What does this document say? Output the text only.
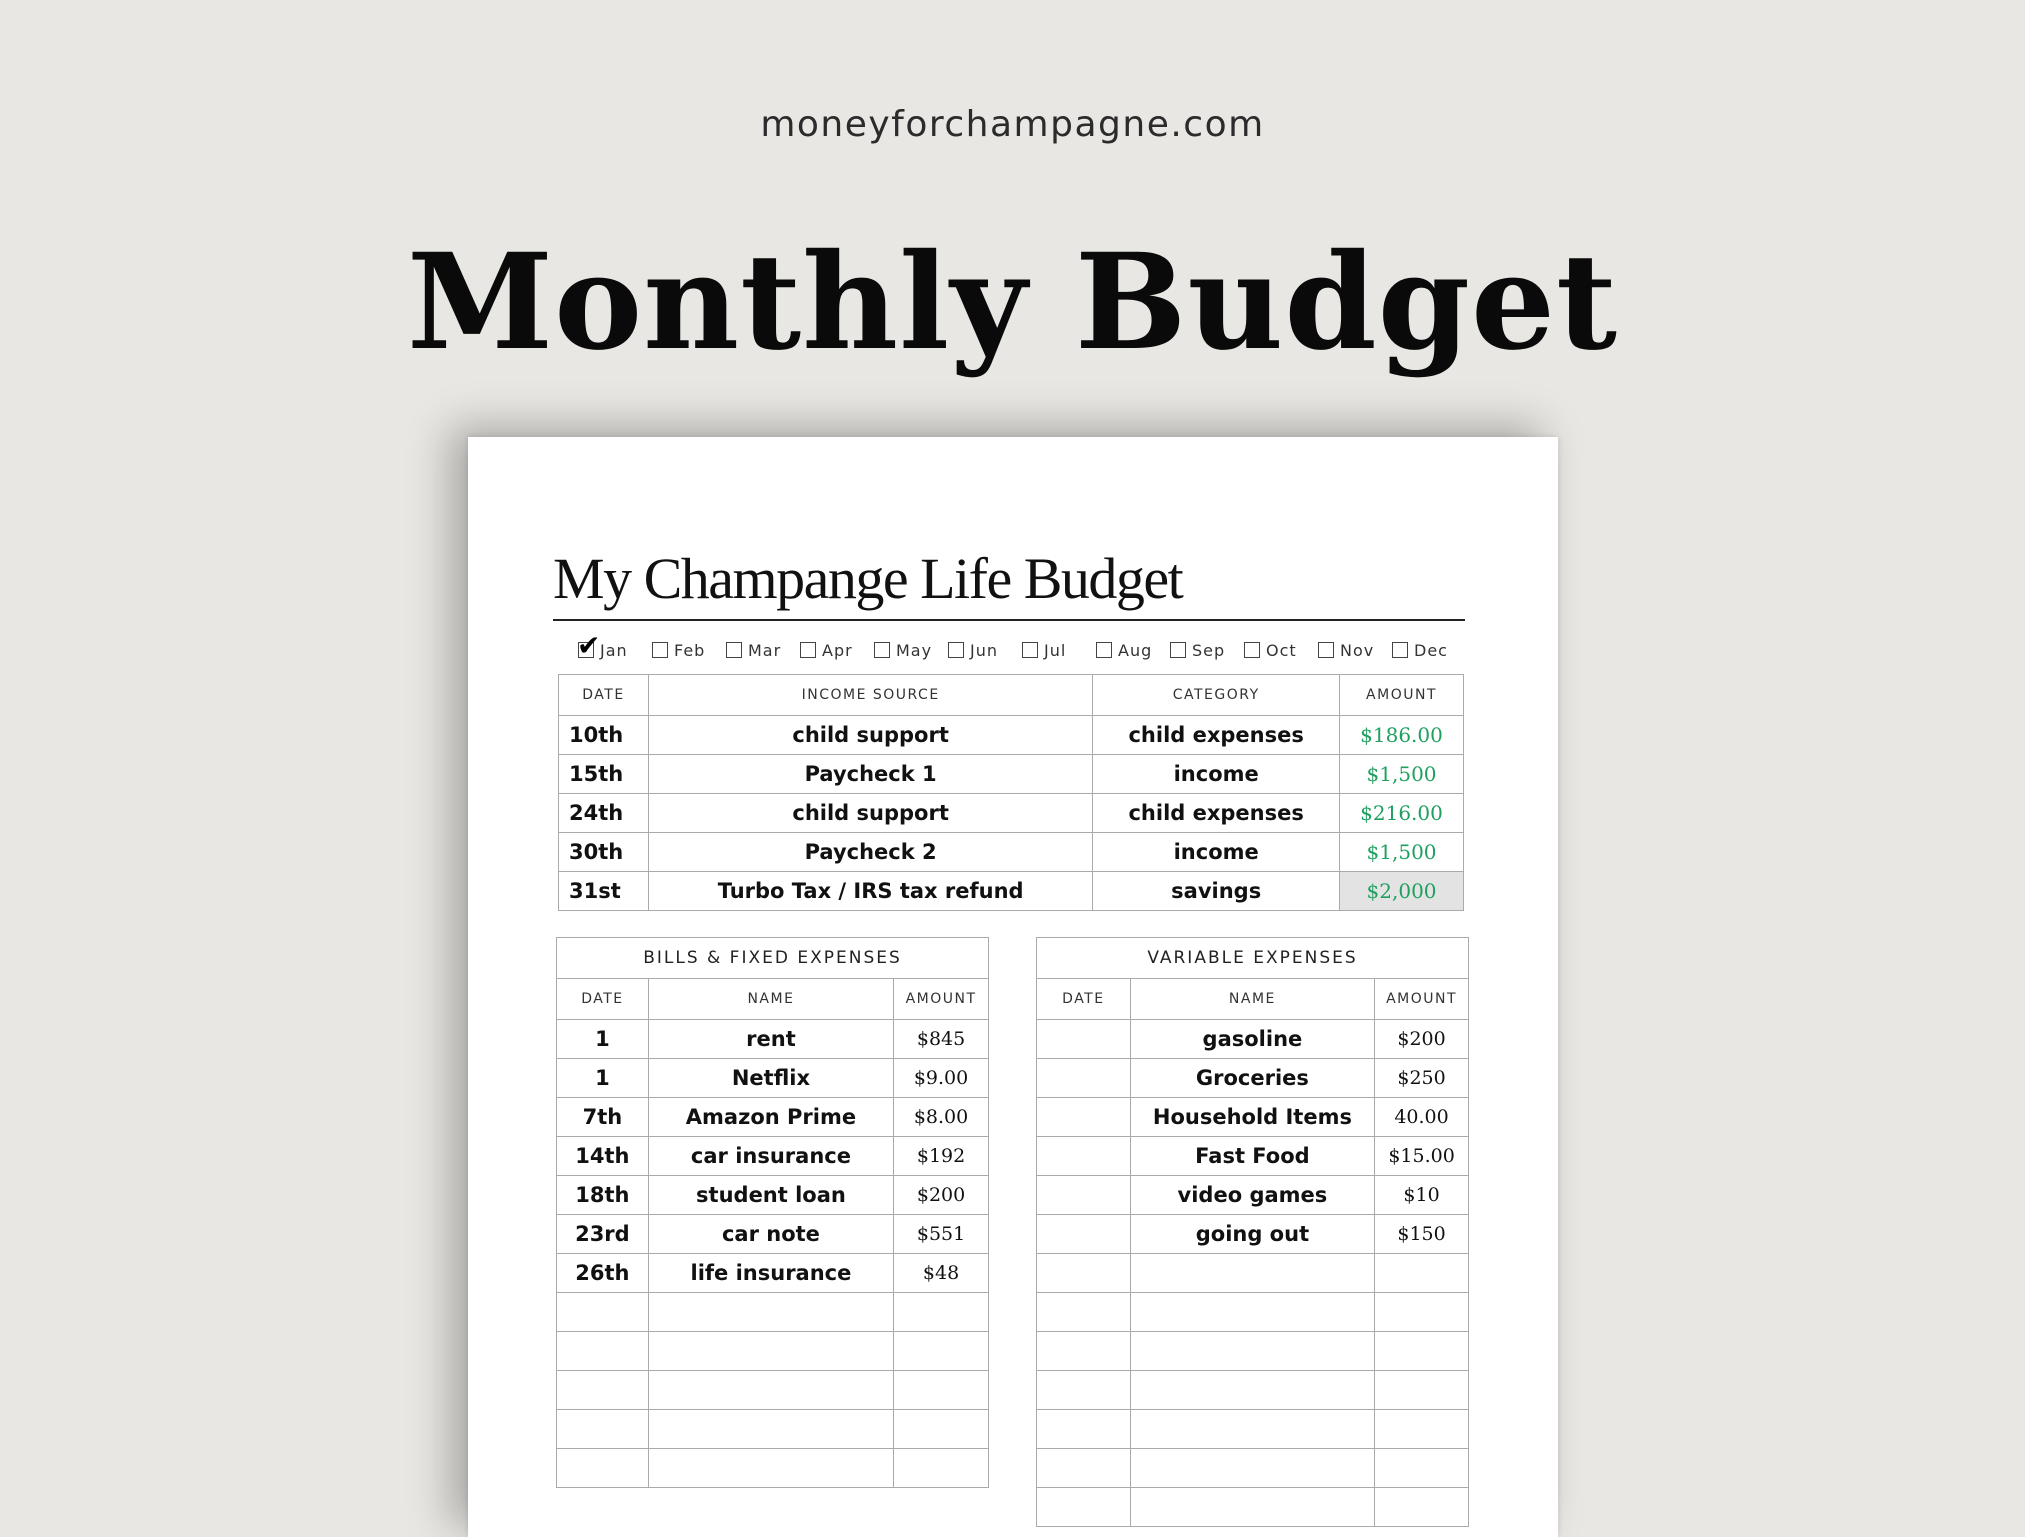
moneyforchampagne.com
Monthly Budget
My Champange Life Budget
✔
Jan	Feb	Mar	Apr	May Jun	Jul	Aug Sep	Oct	Nov Dec
DATE	INCOME SOURCE	CATEGORY	AMOUNT
10th	child support	child expenses	$186.00
15th	Paycheck 1	income	$1,500
24th	child support	child expenses	$216.00
30th	Paycheck 2	income	$1,500
31st	Turbo Tax / IRS tax refund	savings	$2,000
BILLS & FIXED EXPENSES		
DATE	NAME	AMOUNT
1	rent	$845
1	Netflix	$9.00
7th	Amazon Prime	$8.00
14th	car insurance	$192
18th	student loan	$200
23rd	car note	$551
26th	life insurance	$48

VARIABLE EXPENSES		
DATE	NAME	AMOUNT
	gasoline	$200
	Groceries	$250
	Household Items	40.00
	Fast Food	$15.00
	video games	$10
	going out	$150
